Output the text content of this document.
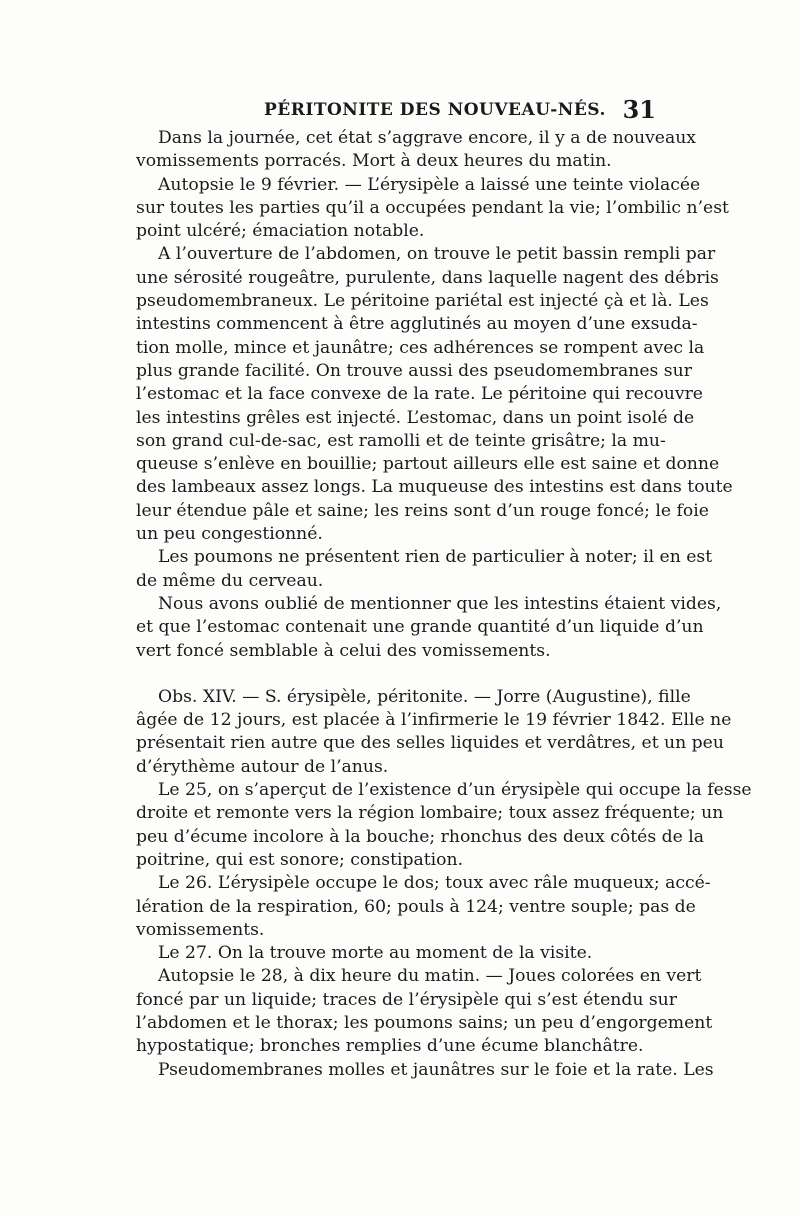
PÉRITONITE DES NOUVEAU-NÉS. 31
Dans la journée, cet état s’aggrave encore, il y a de nouveaux
vomissements porracés. Mort à deux heures du matin.
Autopsie le 9 février. — L’érysipèle a laissé une teinte violacée
sur toutes les parties qu’il a occupées pendant la vie; l’ombilic n’est
point ulcéré; émaciation notable.
A l’ouverture de l’abdomen, on trouve le petit bassin rempli par
une sérosité rougeâtre, purulente, dans laquelle nagent des débris
pseudomembraneux. Le péritoine pariétal est injecté çà et là. Les
intestins commencent à être agglutinés au moyen d’une exsuda-
tion molle, mince et jaunâtre; ces adhérences se rompent avec la
plus grande facilité. On trouve aussi des pseudomembranes sur
l’estomac et la face convexe de la rate. Le péritoine qui recouvre
les intestins grêles est injecté. L’estomac, dans un point isolé de
son grand cul-de-sac, est ramolli et de teinte grisâtre; la mu-
queuse s’enlève en bouillie; partout ailleurs elle est saine et donne
des lambeaux assez longs. La muqueuse des intestins est dans toute
leur étendue pâle et saine; les reins sont d’un rouge foncé; le foie
un peu congestionné.
Les poumons ne présentent rien de particulier à noter; il en est
de même du cerveau.
Nous avons oublié de mentionner que les intestins étaient vides,
et que l’estomac contenait une grande quantité d’un liquide d’un
vert foncé semblable à celui des vomissements.
Obs. XIV. — S. érysipèle, péritonite. — Jorre (Augustine), fille
âgée de 12 jours, est placée à l’infirmerie le 19 février 1842. Elle ne
présentait rien autre que des selles liquides et verdâtres, et un peu
d’érythème autour de l’anus.
Le 25, on s’aperçut de l’existence d’un érysipèle qui occupe la fesse
droite et remonte vers la région lombaire; toux assez fréquente; un
peu d’écume incolore à la bouche; rhonchus des deux côtés de la
poitrine, qui est sonore; constipation.
Le 26. L’érysipèle occupe le dos; toux avec râle muqueux; accé-
lération de la respiration, 60; pouls à 124; ventre souple; pas de
vomissements.
Le 27. On la trouve morte au moment de la visite.
Autopsie le 28, à dix heure du matin. — Joues colorées en vert
foncé par un liquide; traces de l’érysipèle qui s’est étendu sur
l’abdomen et le thorax; les poumons sains; un peu d’engorgement
hypostatique; bronches remplies d’une écume blanchâtre.
Pseudomembranes molles et jaunâtres sur le foie et la rate. Les
